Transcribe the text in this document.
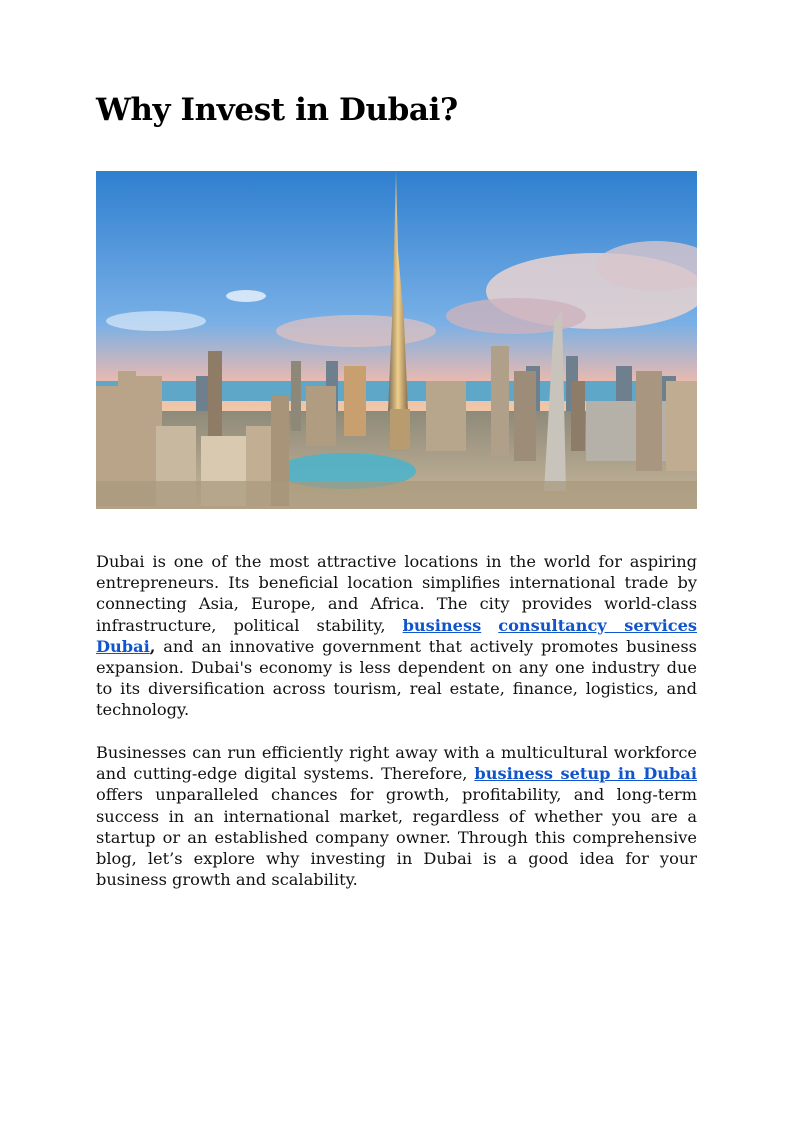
Why Invest in Dubai?

Dubai is one of the most attractive locations in the world for aspiring entrepreneurs. Its beneficial location simplifies international trade by connecting Asia, Europe, and Africa. The city provides world-class infrastructure, political stability, business consultancy services Dubai, and an innovative government that actively promotes business expansion. Dubai's economy is less dependent on any one industry due to its diversification across tourism, real estate, finance, logistics, and technology.

Businesses can run efficiently right away with a multicultural workforce and cutting-edge digital systems. Therefore, business setup in Dubai offers unparalleled chances for growth, profitability, and long-term success in an international market, regardless of whether you are a startup or an established company owner. Through this comprehensive blog, let’s explore why investing in Dubai is a good idea for your business growth and scalability.
